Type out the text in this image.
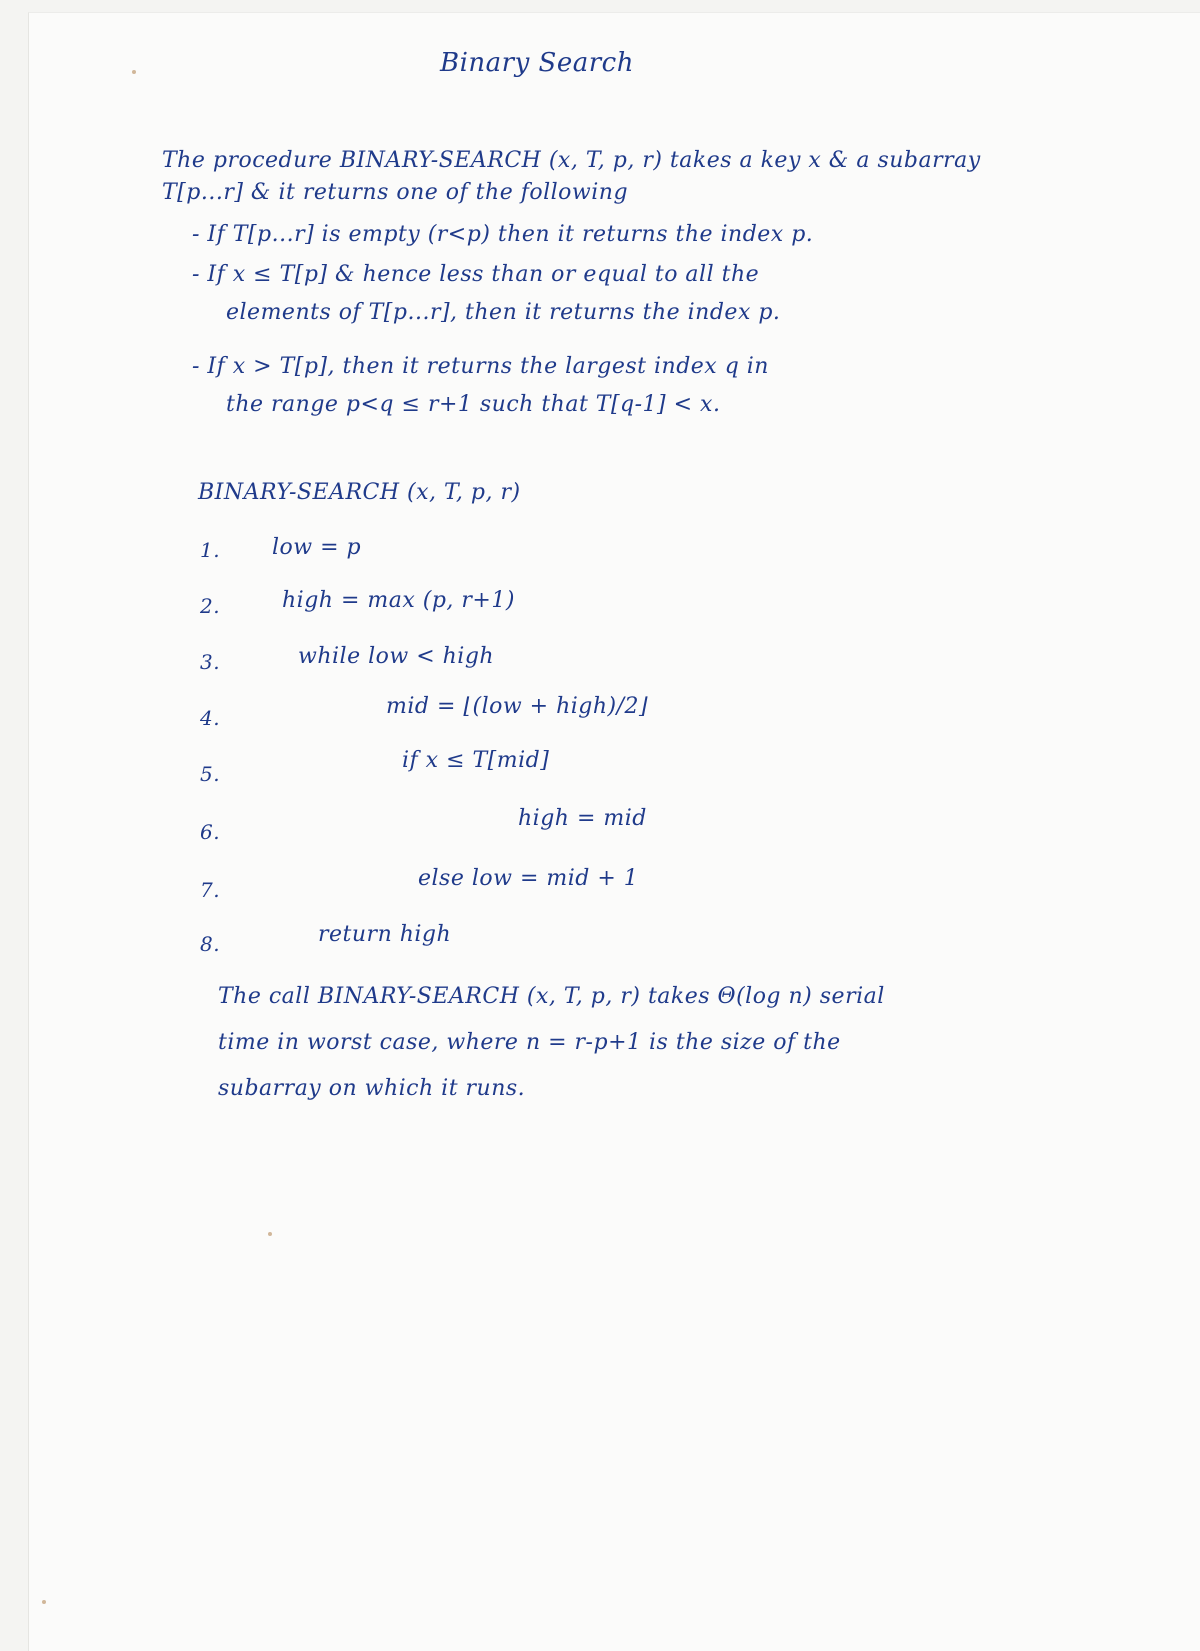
Binary Search
The procedure BINARY-SEARCH (x, T, p, r) takes a key x & a subarray
T[p...r] & it returns one of the following
- If T[p...r] is empty (r<p) then it returns the index p.
- If x ≤ T[p] & hence less than or equal to all the
elements of T[p...r], then it returns the index p.
- If x > T[p], then it returns the largest index q in
the range p<q ≤ r+1 such that T[q-1] < x.
BINARY-SEARCH (x, T, p, r)
1. low = p
2.	high = max (p, r+1)
3.	while low < high
4.	mid = ⌊(low + high)/2⌋
5.
if x ≤ T[mid]
6.
high = mid
7.	else low = mid + 1
8.	return high
The call BINARY-SEARCH (x, T, p, r) takes Θ(log n) serial
time in worst case, where n = r-p+1 is the size of the
subarray on which it runs.
